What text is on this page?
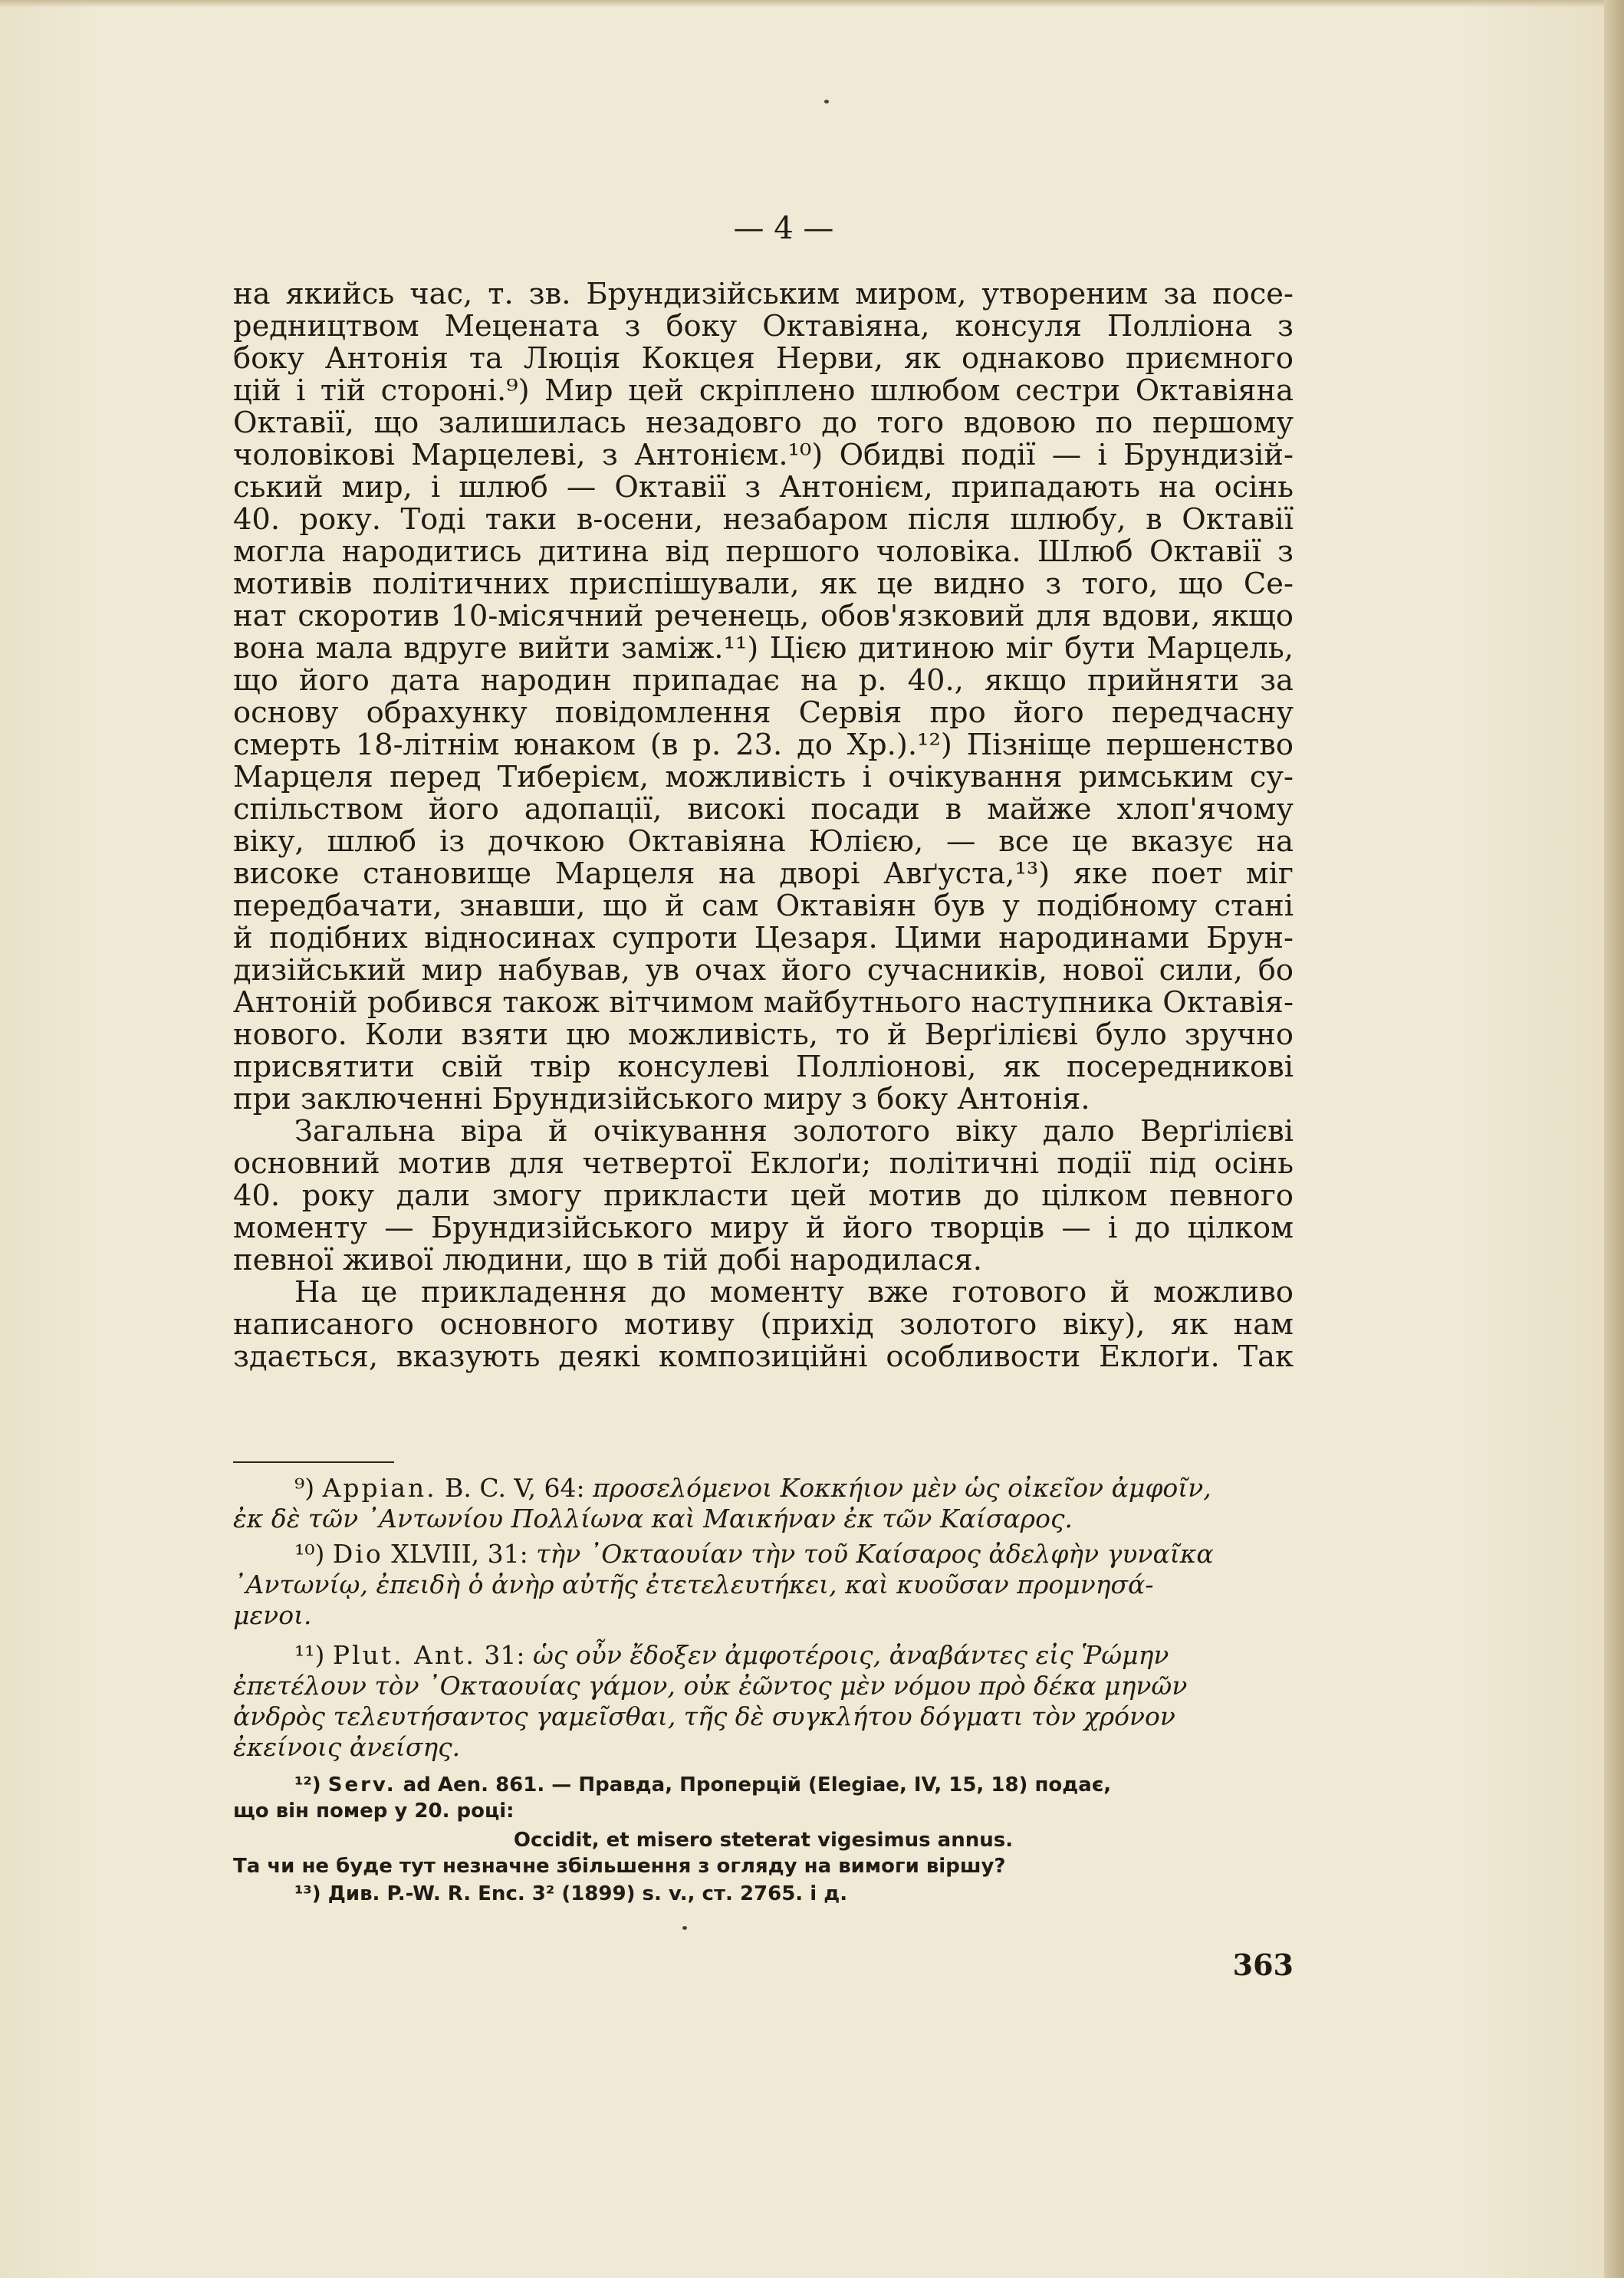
— 4 —

на якийсь час, т. зв. Брундизійським миром, утвореним за посе-

редництвом Мецената з боку Октавіяна, консуля Полліона з

боку Антонія та Люція Кокцея Нерви, як однаково приємного

цій і тій стороні.⁹) Мир цей скріплено шлюбом сестри Октавіяна

Октавії, що залишилась незадовго до того вдовою по першому

чоловікові Марцелеві, з Антонієм.¹⁰) Обидві події — і Брундизій-

ський мир, і шлюб — Октавії з Антонієм, припадають на осінь

40. року. Тоді таки в-осени, незабаром після шлюбу, в Октавії

могла народитись дитина від першого чоловіка. Шлюб Октавії з

мотивів політичних приспішували, як це видно з того, що Се-

нат скоротив 10-місячний реченець, обов'язковий для вдови, якщо

вона мала вдруге вийти заміж.¹¹) Цією дитиною міг бути Марцель,

що його дата народин припадає на р. 40., якщо прийняти за

основу обрахунку повідомлення Сервія про його передчасну

смерть 18-літнім юнаком (в р. 23. до Хр.).¹²) Пізніще першенство

Марцеля перед Тиберієм, можливість і очікування римським су-

спільством його адопації, високі посади в майже хлоп'ячому

віку, шлюб із дочкою Октавіяна Юлією, — все це вказує на

високе становище Марцеля на дворі Авґуста,¹³) яке поет міг

передбачати, знавши, що й сам Октавіян був у подібному стані

й подібних відносинах супроти Цезаря. Цими народинами Брун-

дизійський мир набував, ув очах його сучасників, нової сили, бо

Антоній робився також вітчимом майбутнього наступника Октавія-

нового. Коли взяти цю можливість, то й Верґілієві було зручно

присвятити свій твір консулеві Полліонові, як посередникові

при заключенні Брундизійського миру з боку Антонія.

Загальна віра й очікування золотого віку дало Верґілієві

основний мотив для четвертої Еклоґи; політичні події під осінь

40. року дали змогу прикласти цей мотив до цілком певного

моменту — Брундизійського миру й його творців — і до цілком

певної живої людини, що в тій добі народилася.

На це прикладення до моменту вже готового й можливо

написаного основного мотиву (прихід золотого віку), як нам

здається, вказують деякі композиційні особливости Еклоґи. Так

⁹) Appian. B. C. V, 64: προσελόμενοι Κοκκήιον μὲν ὡς οἰκεῖον ἀμφοῖν,

ἐκ δὲ τῶν ᾿Αντωνίου Πολλίωνα καὶ Μαικήναν ἐκ τῶν Καίσαρος.

¹⁰) Dio XLVIII, 31: τὴν ᾿Οκταουίαν τὴν τοῦ Καίσαρος ἀδελφὴν γυναῖκα

᾿Αντωνίῳ, ἐπειδὴ ὁ ἀνὴρ αὐτῆς ἐτετελευτήκει, καὶ κυοῦσαν προμνησά-

μενοι.

¹¹) Plut. Ant. 31: ὡς οὖν ἔδοξεν ἀμφοτέροις, ἀναβάντες εἰς Ῥώμην

ἐπετέλουν τὸν ᾿Οκταουίας γάμον, οὐκ ἐῶντος μὲν νόμου πρὸ δέκα μηνῶν

ἀνδρὸς τελευτήσαντος γαμεῖσθαι, τῆς δὲ συγκλήτου δόγματι τὸν χρόνον

ἐκείνοις ἀνείσης.

¹²) Serv. ad Aen. 861. — Правда, Проперцій (Elegiae, IV, 15, 18) подає,

що він помер у 20. році:

Occidit, et misero steterat vigesimus annus.

Та чи не буде тут незначне збільшення з огляду на вимоги віршу?

¹³) Див. P.-W. R. Enc. 3² (1899) s. v., ст. 2765. і д.

363
